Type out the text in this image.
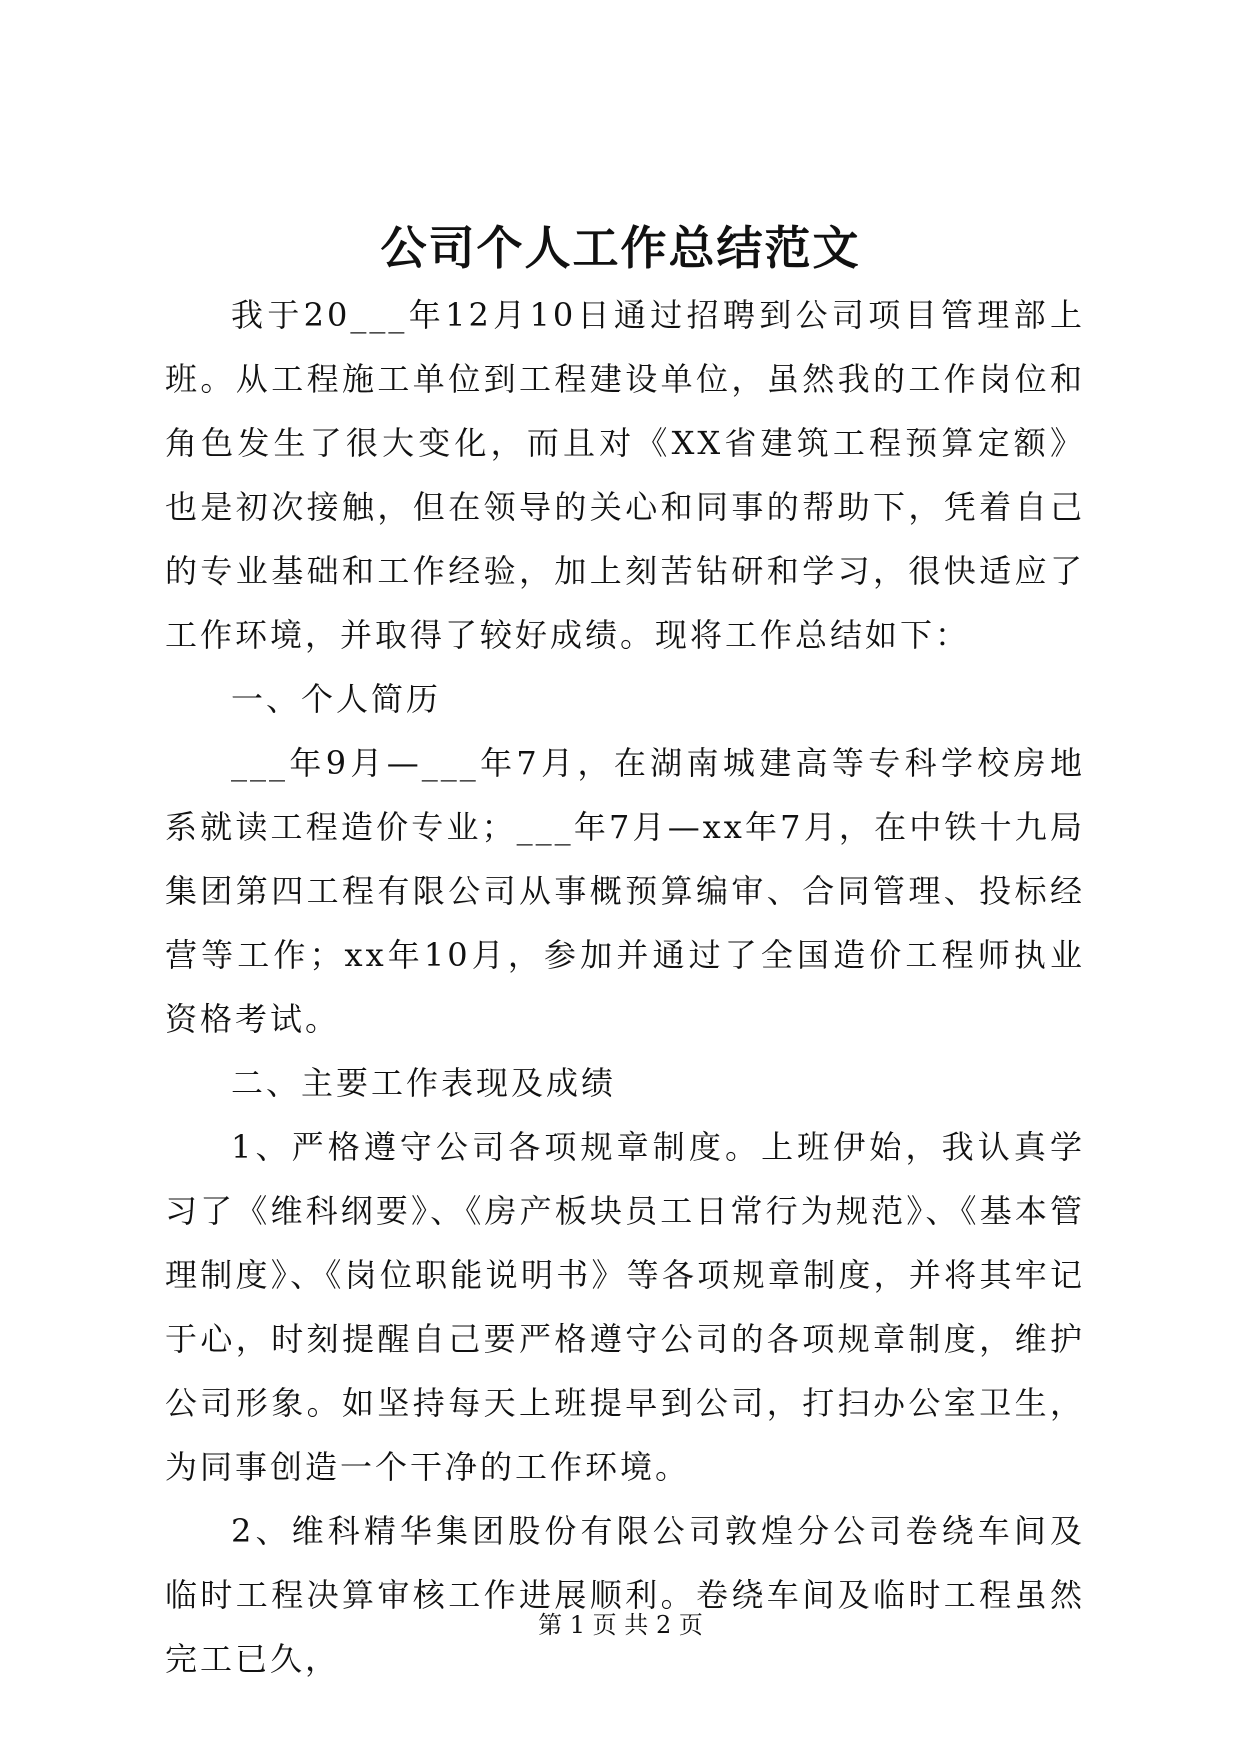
公司个人工作总结范文

我于20___年12月10日通过招聘到公司项目管理部上班。从工程施工单位到工程建设单位，虽然我的工作岗位和角色发生了很大变化，而且对《XX省建筑工程预算定额》也是初次接触，但在领导的关心和同事的帮助下，凭着自己的专业基础和工作经验，加上刻苦钻研和学习，很快适应了工作环境，并取得了较好成绩。现将工作总结如下：

一、个人简历

___年9月—___年7月，在湖南城建高等专科学校房地系就读工程造价专业；___年7月—xx年7月，在中铁十九局集团第四工程有限公司从事概预算编审、合同管理、投标经营等工作；xx年10月，参加并通过了全国造价工程师执业资格考试。

二、主要工作表现及成绩

1、严格遵守公司各项规章制度。上班伊始，我认真学习了《维科纲要》、《房产板块员工日常行为规范》、《基本管理制度》、《岗位职能说明书》等各项规章制度，并将其牢记于心，时刻提醒自己要严格遵守公司的各项规章制度，维护公司形象。如坚持每天上班提早到公司，打扫办公室卫生，为同事创造一个干净的工作环境。

2、维科精华集团股份有限公司敦煌分公司卷绕车间及临时工程决算审核工作进展顺利。卷绕车间及临时工程虽然完工已久，

第 1 页 共 2 页
